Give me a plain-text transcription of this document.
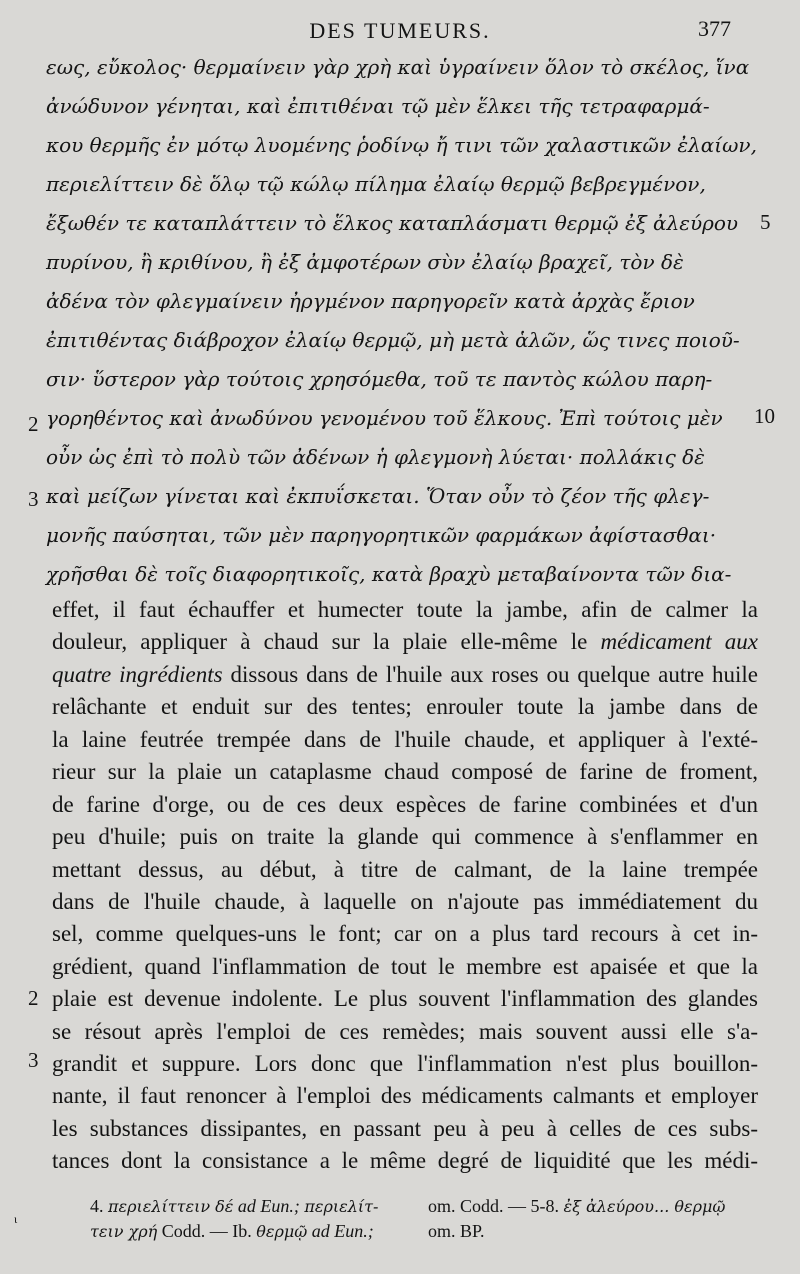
DES TUMEURS.	377
εως, εὔκολος· θερμαίνειν γὰρ χρὴ καὶ ὑγραίνειν ὅλον τὸ σκέλος, ἵνα
ἀνώδυνον γένηται, καὶ ἐπιτιθέναι τῷ μὲν ἕλκει τῆς τετραφαρμά-
κου θερμῆς ἐν μότῳ λυομένης ῥοδίνῳ ἤ τινι τῶν χαλαστικῶν ἐλαίων,
περιελίττειν δὲ ὅλῳ τῷ κώλῳ πίλημα ἐλαίῳ θερμῷ βεβρεγμένον,
ἔξωθέν τε καταπλάττειν τὸ ἕλκος καταπλάσματι θερμῷ ἐξ ἀλεύρου
πυρίνου, ἢ κριθίνου, ἢ ἐξ ἀμφοτέρων σὺν ἐλαίῳ βραχεῖ, τὸν δὲ
ἀδένα τὸν φλεγμαίνειν ἠργμένον παρηγορεῖν κατὰ ἀρχὰς ἔριον
ἐπιτιθέντας διάβροχον ἐλαίῳ θερμῷ, μὴ μετὰ ἁλῶν, ὥς τινες ποιοῦ-
σιν· ὕστερον γὰρ τούτοις χρησόμεθα, τοῦ τε παντὸς κώλου παρη-
γορηθέντος καὶ ἀνωδύνου γενομένου τοῦ ἕλκους. Ἐπὶ τούτοις μὲν
οὖν ὡς ἐπὶ τὸ πολὺ τῶν ἀδένων ἡ φλεγμονὴ λύεται· πολλάκις δὲ
καὶ μείζων γίνεται καὶ ἐκπυΐσκεται. Ὅταν οὖν τὸ ζέον τῆς φλεγ-
μονῆς παύσηται, τῶν μὲν παρηγορητικῶν φαρμάκων ἀφίστασθαι·
χρῆσθαι δὲ τοῖς διαφορητικοῖς, κατὰ βραχὺ μεταβαίνοντα τῶν δια-
5
10
2
3
effet, il faut échauffer et humecter toute la jambe, afin de calmer la
douleur, appliquer à chaud sur la plaie elle-même le médicament aux
quatre ingrédients dissous dans de l'huile aux roses ou quelque autre huile
relâchante et enduit sur des tentes; enrouler toute la jambe dans de
la laine feutrée trempée dans de l'huile chaude, et appliquer à l'exté-
rieur sur la plaie un cataplasme chaud composé de farine de froment,
de farine d'orge, ou de ces deux espèces de farine combinées et d'un
peu d'huile; puis on traite la glande qui commence à s'enflammer en
mettant dessus, au début, à titre de calmant, de la laine trempée
dans de l'huile chaude, à laquelle on n'ajoute pas immédiatement du
sel, comme quelques-uns le font; car on a plus tard recours à cet in-
grédient, quand l'inflammation de tout le membre est apaisée et que la
plaie est devenue indolente. Le plus souvent l'inflammation des glandes
se résout après l'emploi de ces remèdes; mais souvent aussi elle s'a-
grandit et suppure. Lors donc que l'inflammation n'est plus bouillon-
nante, il faut renoncer à l'emploi des médicaments calmants et employer
les substances dissipantes, en passant peu à peu à celles de ces subs-
tances dont la consistance a le même degré de liquidité que les médi-
2
3
4. περιελίττειν δέ ad Eun.; περιελίτ-
τειν χρή Codd. — Ib. θερμῷ ad Eun.;
om. Codd. — 5-8. ἐξ ἀλεύρου... θερμῷ
om. BP.
ι
